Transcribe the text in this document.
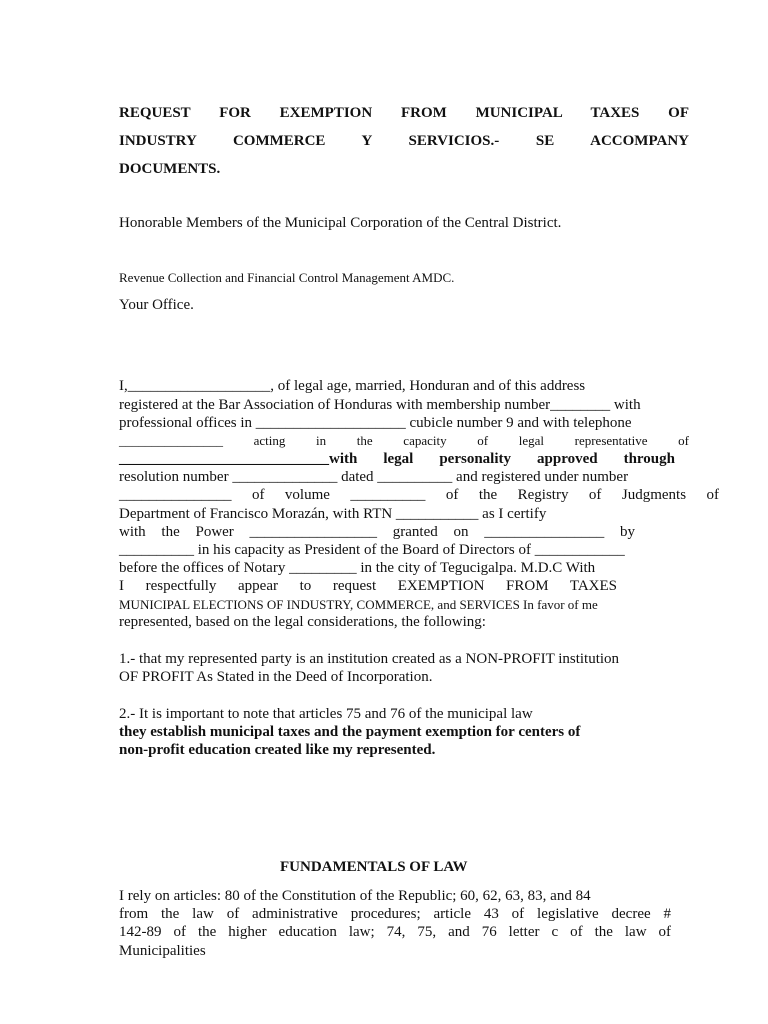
REQUEST FOR EXEMPTION FROM MUNICIPAL TAXES OF
INDUSTRY COMMERCE Y SERVICIOS.- SE ACCOMPANY
DOCUMENTS.
Honorable Members of the Municipal Corporation of the Central District.
Revenue Collection and Financial Control Management AMDC.
Your Office.
I,___________________, of legal age, married, Honduran and of this address
registered at the Bar Association of Honduras with membership number________ with
professional offices in ____________________ cubicle number 9 and with telephone
________________ acting in the capacity of legal representative of
____________________________with legal personality approved through
resolution number ______________ dated __________ and registered under number
_______________ of volume __________ of the Registry of Judgments of
Department of Francisco Morazán, with RTN ___________ as I certify
with the Power _________________ granted on ________________ by
__________ in his capacity as President of the Board of Directors of ____________
before the offices of Notary _________ in the city of Tegucigalpa. M.D.C With
I respectfully appear to request EXEMPTION FROM TAXES
MUNICIPAL ELECTIONS OF INDUSTRY, COMMERCE, and SERVICES In favor of me
represented, based on the legal considerations, the following:
1.- that my represented party is an institution created as a NON-PROFIT institution
OF PROFIT As Stated in the Deed of Incorporation.
2.- It is important to note that articles 75 and 76 of the municipal law
they establish municipal taxes and the payment exemption for centers of
non-profit education created like my represented.
FUNDAMENTALS OF LAW
I rely on articles: 80 of the Constitution of the Republic; 60, 62, 63, 83, and 84
from the law of administrative procedures; article 43 of legislative decree #
142-89 of the higher education law; 74, 75, and 76 letter c of the law of
Municipalities
